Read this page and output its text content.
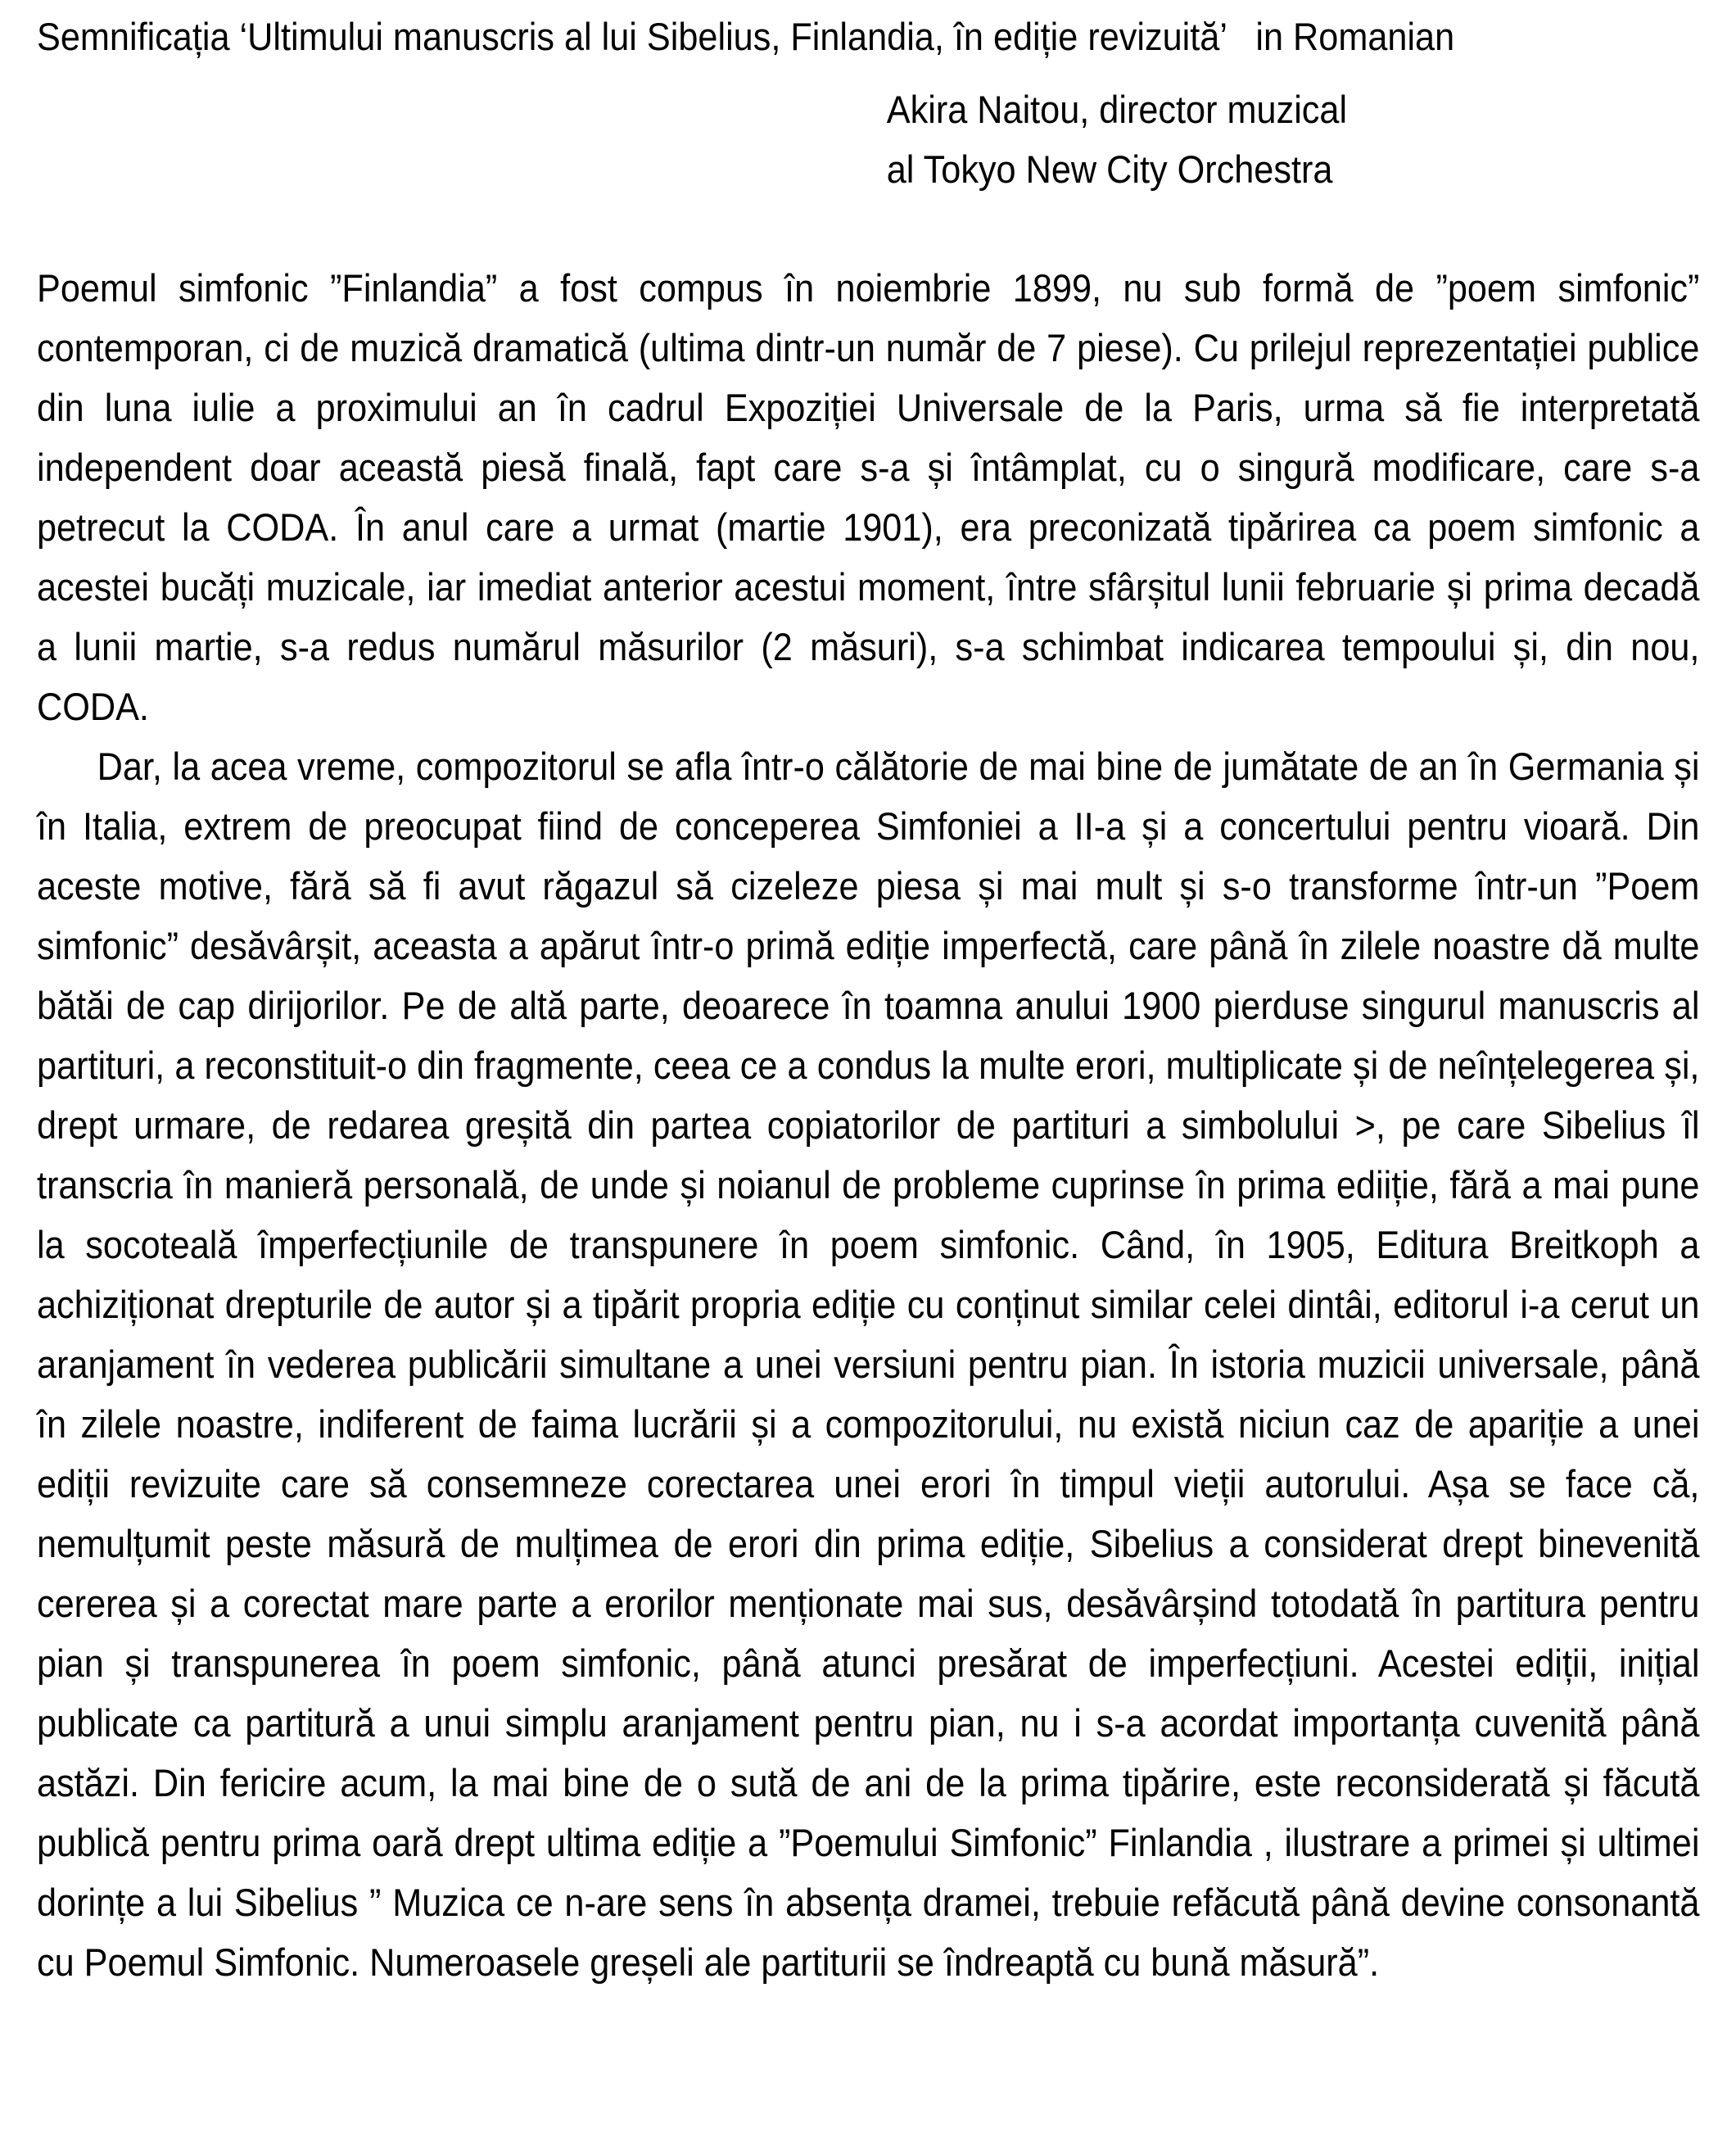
Semnificația ‘Ultimului manuscris al lui Sibelius, Finlandia, în ediție revizuită’   in Romanian
Akira Naitou, director muzical
al Tokyo New City Orchestra

Poemul simfonic ”Finlandia” a fost compus în noiembrie 1899, nu sub formă de ”poem simfonic” contemporan, ci de muzică dramatică (ultima dintr-un număr de 7 piese). Cu prilejul reprezentației publice din luna iulie a proximului an în cadrul Expoziției Universale de la Paris, urma să fie interpretată independent doar această piesă finală, fapt care s-a și întâmplat, cu o singură modificare, care s-a petrecut la CODA. În anul care a urmat (martie 1901), era preconizată tipărirea ca poem simfonic a acestei bucăți muzicale, iar imediat anterior acestui moment, între sfârșitul lunii februarie și prima decadă a lunii martie, s-a redus numărul măsurilor (2 măsuri), s-a schimbat indicarea tempoului și, din nou, CODA.

Dar, la acea vreme, compozitorul se afla într-o călătorie de mai bine de jumătate de an în Germania și în Italia, extrem de preocupat fiind de conceperea Simfoniei a II-a și a concertului pentru vioară. Din aceste motive, fără să fi avut răgazul să cizeleze piesa și mai mult și s-o transforme într-un ”Poem simfonic” desăvârșit, aceasta a apărut într-o primă ediție imperfectă, care până în zilele noastre dă multe bătăi de cap dirijorilor. Pe de altă parte, deoarece în toamna anului 1900 pierduse singurul manuscris al partituri, a reconstituit-o din fragmente, ceea ce a condus la multe erori, multiplicate și de neînțelegerea și, drept urmare, de redarea greșită din partea copiatorilor de partituri a simbolului >, pe care Sibelius îl transcria în manieră personală, de unde și noianul de probleme cuprinse în prima ediiție, fără a mai pune la socoteală împerfecțiunile de transpunere în poem simfonic. Când, în 1905, Editura Breitkoph a achiziționat drepturile de autor și a tipărit propria ediție cu conținut similar celei dintâi, editorul i-a cerut un aranjament în vederea publicării simultane a unei versiuni pentru pian. În istoria muzicii universale, până în zilele noastre, indiferent de faima lucrării și a compozitorului, nu există niciun caz de apariție a unei ediții revizuite care să consemneze corectarea unei erori în timpul vieții autorului. Așa se face că, nemulțumit peste măsură de mulțimea de erori din prima ediție, Sibelius a considerat drept binevenită cererea și a corectat mare parte a erorilor menționate mai sus, desăvârșind totodată în partitura pentru pian și transpunerea în poem simfonic, până atunci presărat de imperfecțiuni. Acestei ediții, inițial publicate ca partitură a unui simplu aranjament pentru pian, nu i s-a acordat importanța cuvenită până astăzi. Din fericire acum, la mai bine de o sută de ani de la prima tipărire, este reconsiderată și făcută publică pentru prima oară drept ultima ediție a ”Poemului Simfonic” Finlandia , ilustrare a primei și ultimei dorințe a lui Sibelius ” Muzica ce n-are sens în absența dramei, trebuie refăcută până devine consonantă cu Poemul Simfonic. Numeroasele greșeli ale partiturii se îndreaptă cu bună măsură”.
